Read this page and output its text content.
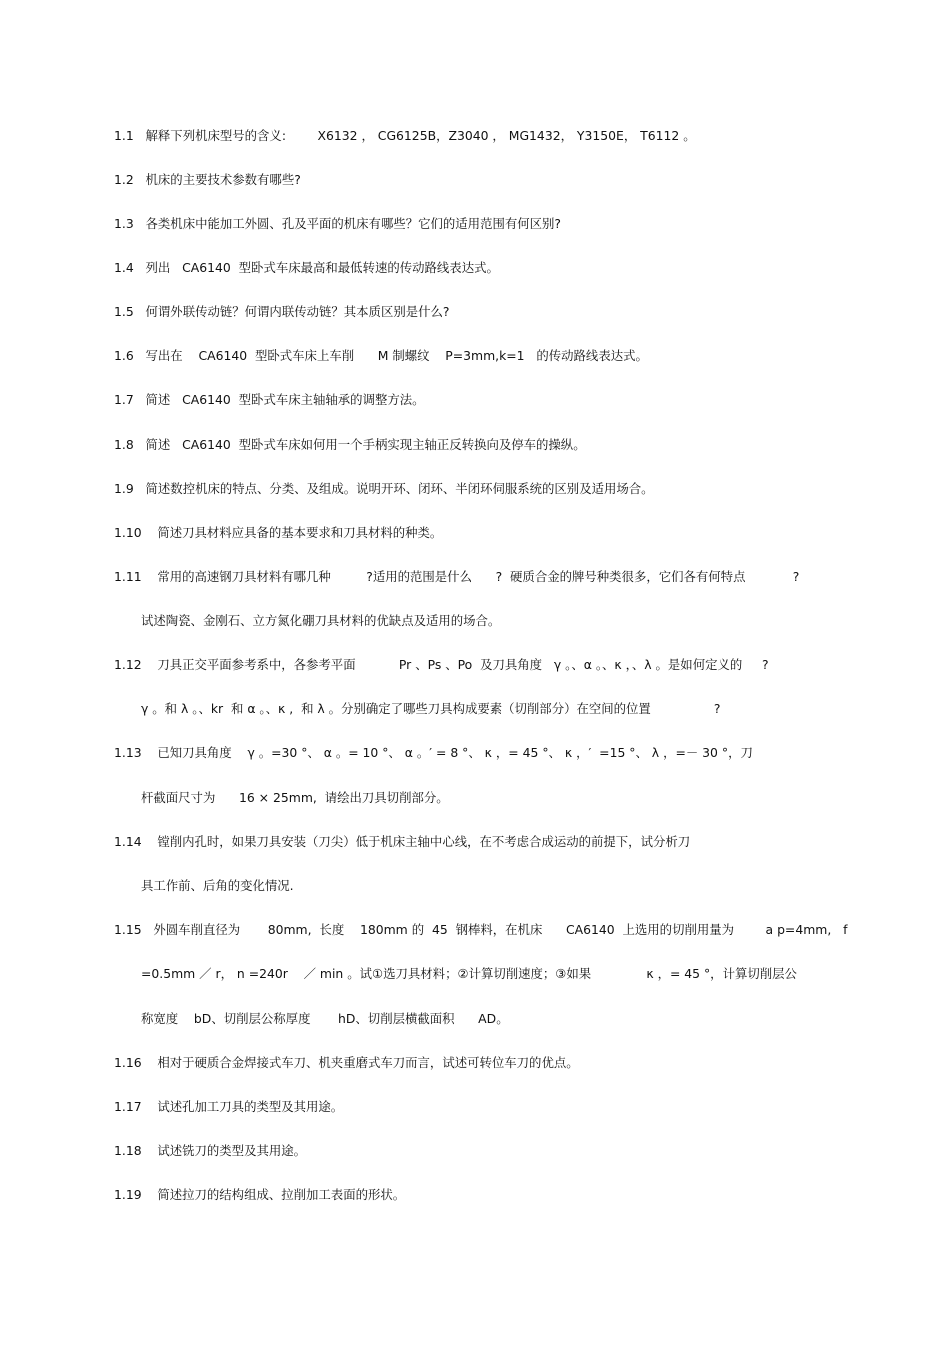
1.1   解释下列机床型号的含义:        X6132 ， CG6125B，Z3040 ， MG1432， Y3150E， T6112 。
1.2   机床的主要技术参数有哪些?
1.3   各类机床中能加工外圆、孔及平面的机床有哪些？它们的适用范围有何区别?
1.4   列出   CA6140  型卧式车床最高和最低转速的传动路线表达式。
1.5   何谓外联传动链？何谓内联传动链？其本质区别是什么?
1.6   写出在    CA6140  型卧式车床上车削      M 制螺纹    P=3mm,k=1   的传动路线表达式。
1.7   简述   CA6140  型卧式车床主轴轴承的调整方法。
1.8   简述   CA6140  型卧式车床如何用一个手柄实现主轴正反转换向及停车的操纵。
1.9   简述数控机床的特点、分类、及组成。说明开环、闭环、半闭环伺服系统的区别及适用场合。
1.10    简述刀具材料应具备的基本要求和刀具材料的种类。
1.11    常用的高速钢刀具材料有哪几种         ?适用的范围是什么      ?  硬质合金的牌号种类很多，它们各有何特点            ?
试述陶瓷、金刚石、立方氮化硼刀具材料的优缺点及适用的场合。
1.12    刀具正交平面参考系中，各参考平面           Pr 、Ps 、Po  及刀具角度   γ 。、α 。、κ ，、λ 。是如何定义的     ?
γ 。和 λ 。、kr  和 α 。、κ ,  和 λ 。分别确定了哪些刀具构成要素（切削部分）在空间的位置                ?
1.13    已知刀具角度    γ 。=30 °、 α 。= 10 °、 α 。′ = 8 °、 κ ，= 45 °、 κ ，′  =15 °、 λ ，=－ 30 °，刀
杆截面尺寸为      16 × 25mm,  请绘出刀具切削部分。
1.14    镗削内孔时，如果刀具安装（刀尖）低于机床主轴中心线，在不考虑合成运动的前提下，试分析刀
具工作前、后角的变化情况.
1.15   外圆车削直径为       80mm,  长度    180mm 的  45  钢棒料，在机床      CA6140  上选用的切削用量为        a p=4mm,   f
=0.5mm ／ r， n =240r    ／ min 。试①选刀具材料；②计算切削速度；③如果              κ ，= 45 °，计算切削层公
称宽度    bD、切削层公称厚度       hD、切削层横截面积      AD。
1.16    相对于硬质合金焊接式车刀、机夹重磨式车刀而言，试述可转位车刀的优点。
1.17    试述孔加工刀具的类型及其用途。
1.18    试述铣刀的类型及其用途。
1.19    简述拉刀的结构组成、拉削加工表面的形状。
